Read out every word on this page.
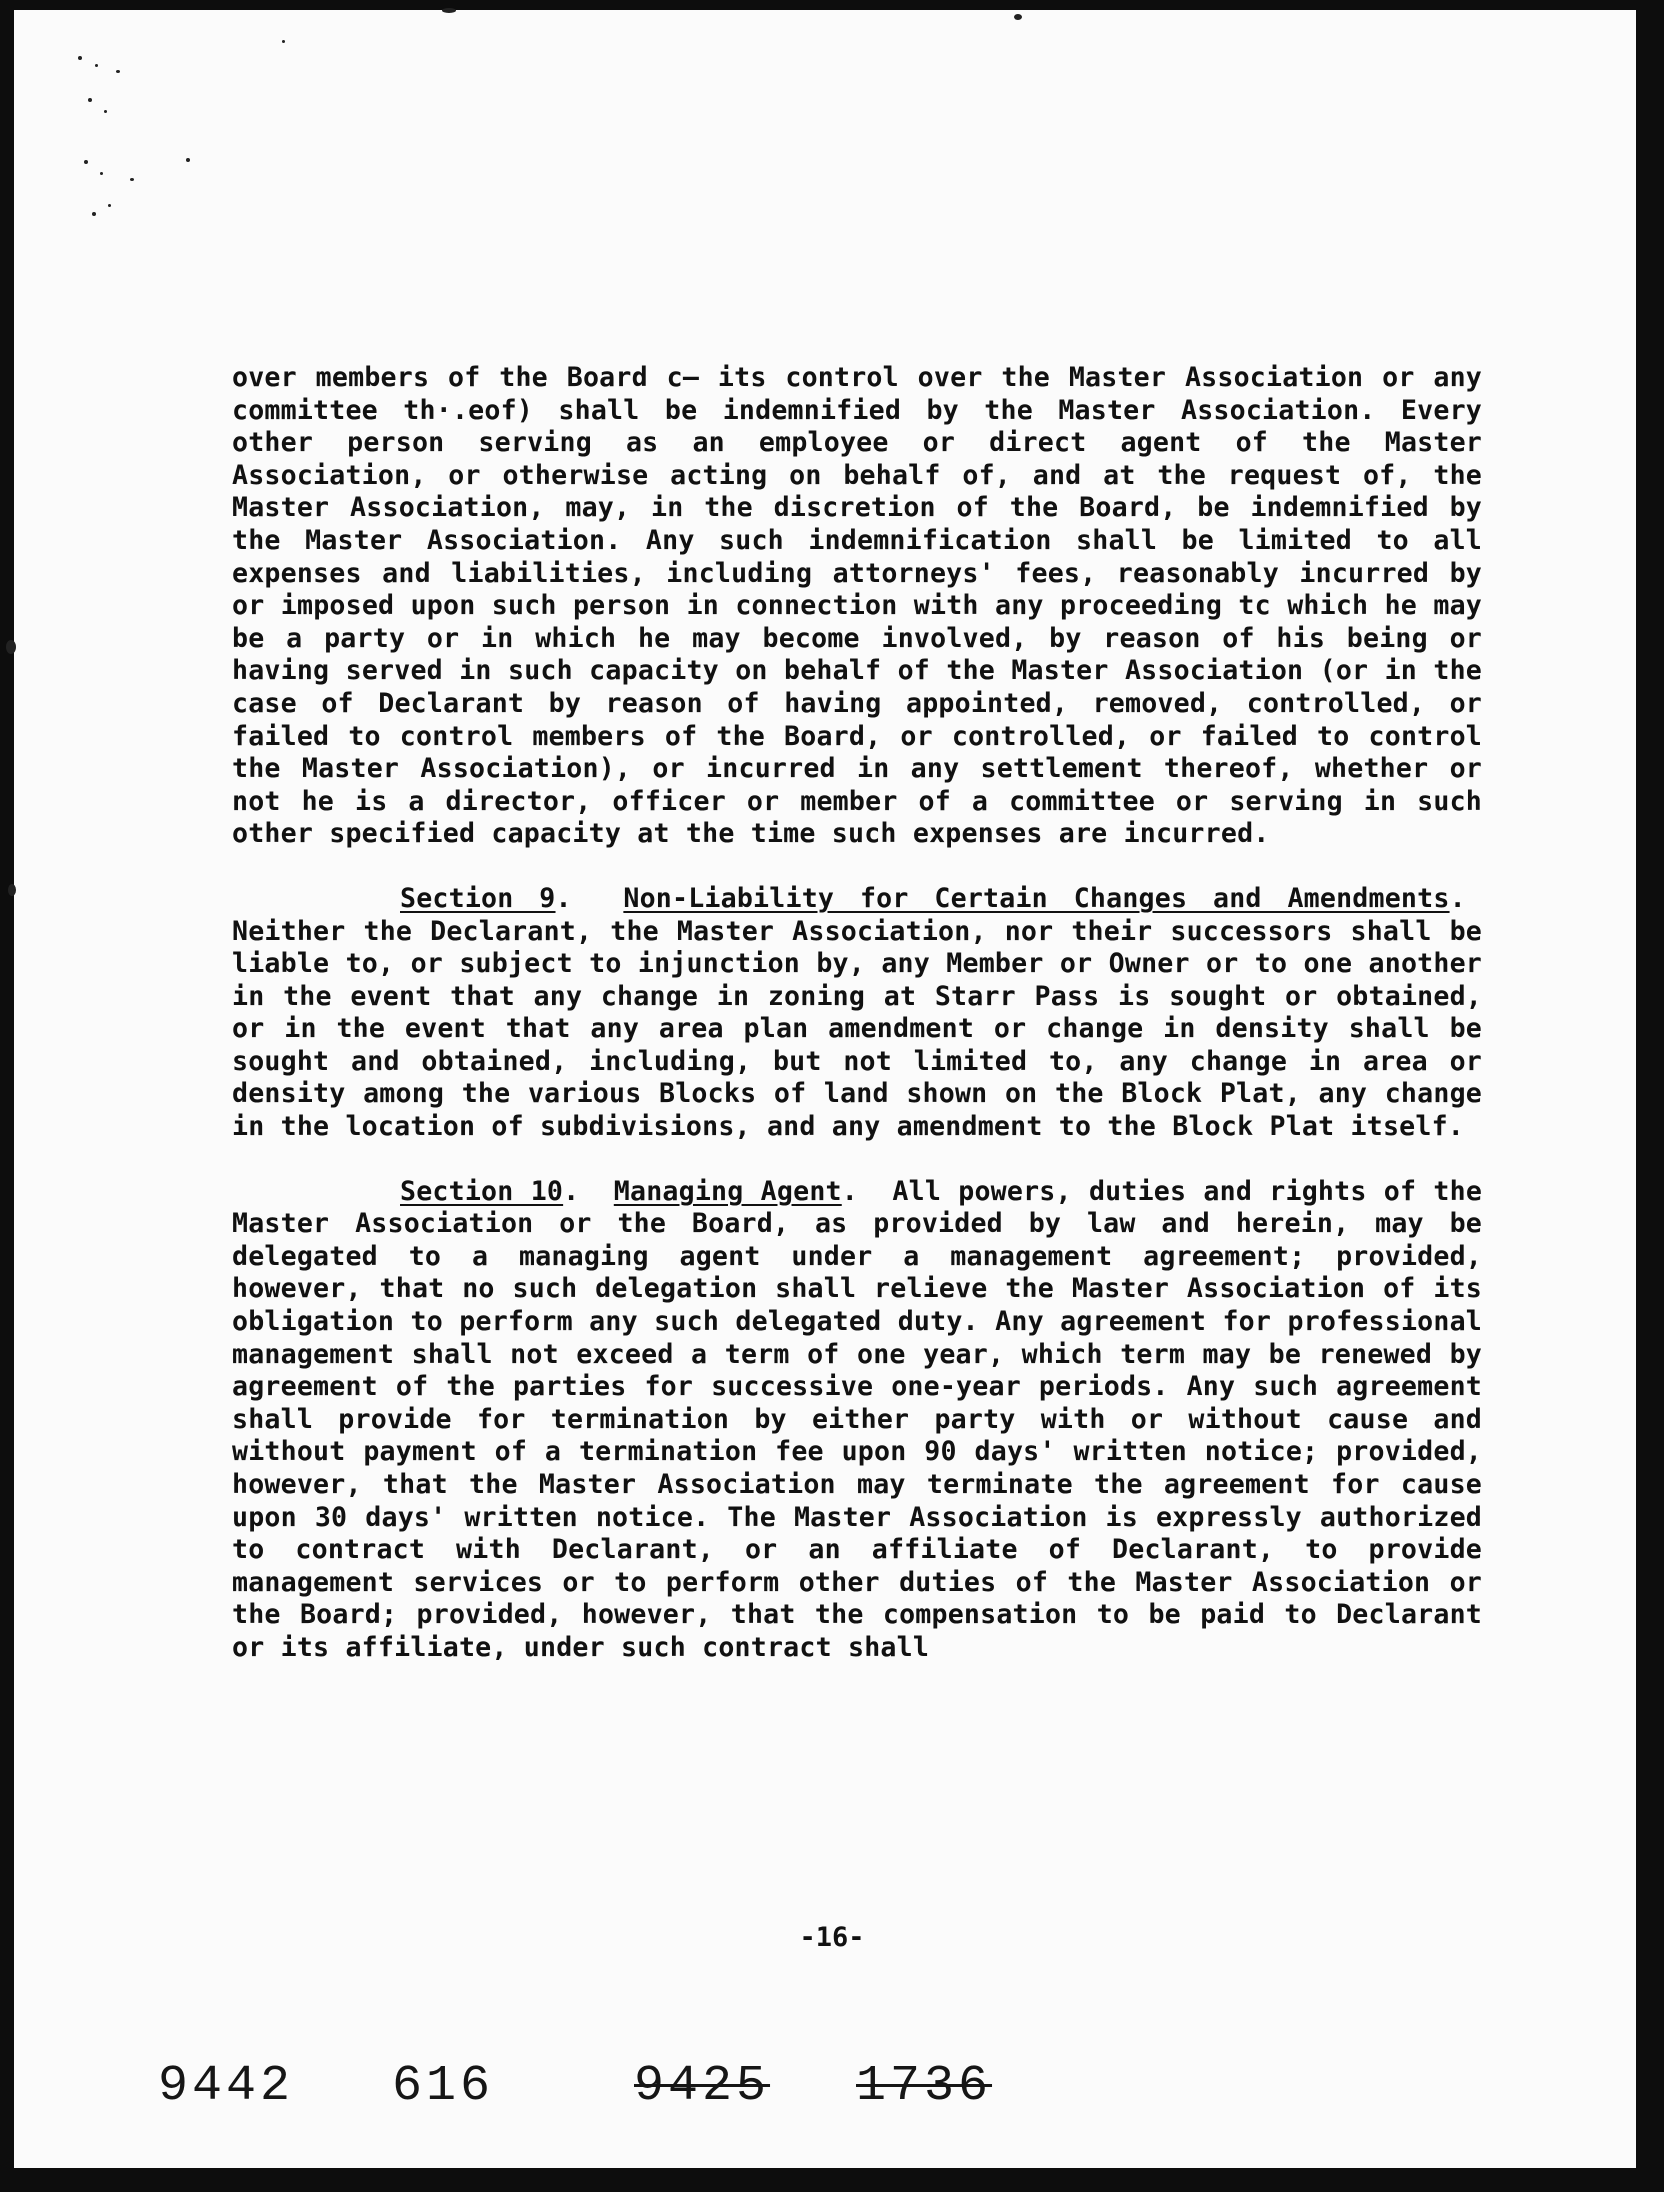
over members of the Board c— its control over the Master Association or any committee th·.eof) shall be indemnified by the Master Association. Every other person serving as an employee or direct agent of the Master Association, or otherwise acting on behalf of, and at the request of, the Master Association, may, in the discretion of the Board, be indemnified by the Master Association. Any such indemnification shall be limited to all expenses and liabilities, including attorneys' fees, reasonably incurred by or imposed upon such person in connection with any proceeding tc which he may be a party or in which he may become involved, by reason of his being or having served in such capacity on behalf of the Master Association (or in the case of Declarant by reason of having appointed, removed, controlled, or failed to control members of the Board, or controlled, or failed to control the Master Association), or incurred in any settlement thereof, whether or not he is a director, officer or member of a committee or serving in such other specified capacity at the time such expenses are incurred.

Section 9.  Non-Liability for Certain Changes and Amendments.  Neither the Declarant, the Master Association, nor their successors shall be liable to, or subject to injunction by, any Member or Owner or to one another in the event that any change in zoning at Starr Pass is sought or obtained, or in the event that any area plan amendment or change in density shall be sought and obtained, including, but not limited to, any change in area or density among the various Blocks of land shown on the Block Plat, any change in the location of subdivisions, and any amendment to the Block Plat itself.

Section 10.  Managing Agent.  All powers, duties and rights of the Master Association or the Board, as provided by law and herein, may be delegated to a managing agent under a management agreement; provided, however, that no such delegation shall relieve the Master Association of its obligation to perform any such delegated duty. Any agreement for professional management shall not exceed a term of one year, which term may be renewed by agreement of the parties for successive one-year periods. Any such agreement shall provide for termination by either party with or without cause and without payment of a termination fee upon 90 days' written notice; provided, however, that the Master Association may terminate the agreement for cause upon 30 days' written notice. The Master Association is expressly authorized to contract with Declarant, or an affiliate of Declarant, to provide management services or to perform other duties of the Master Association or the Board; provided, however, that the compensation to be paid to Declarant or its affiliate, under such contract shall

-16-
9442 616	9425 1736
